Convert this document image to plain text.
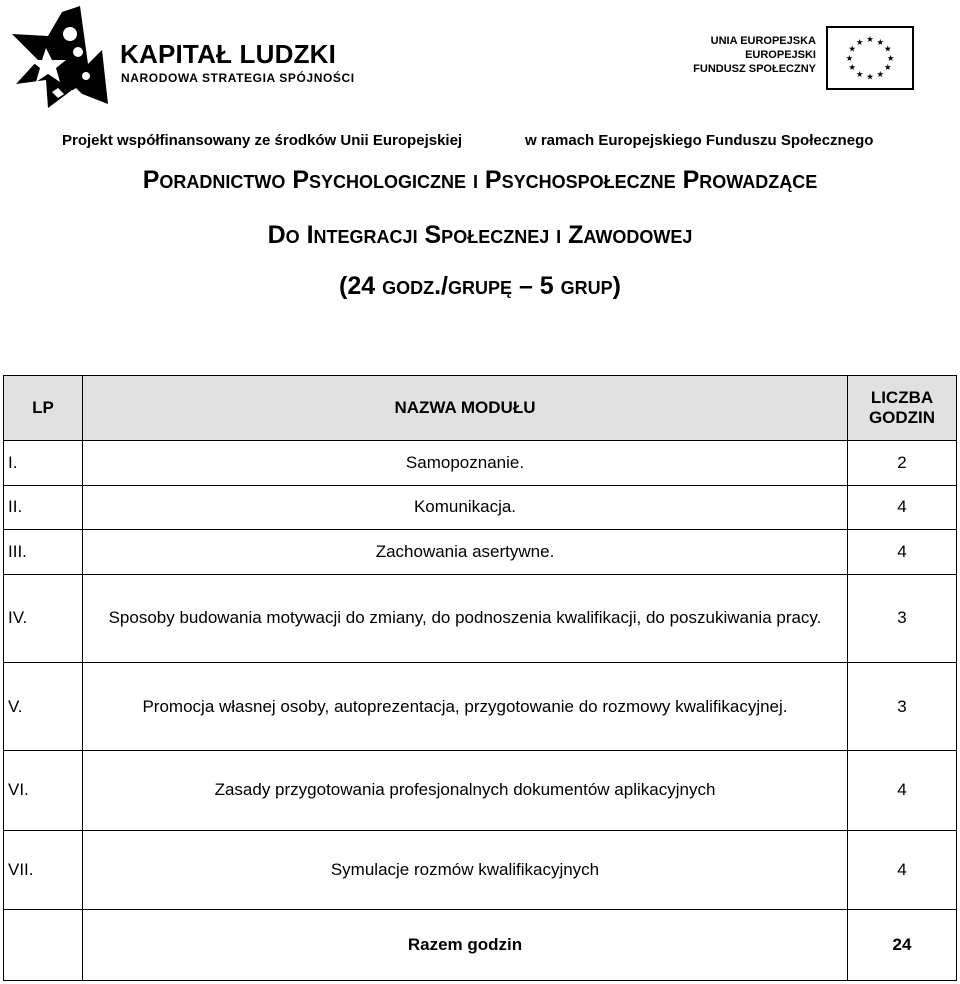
KAPITAŁ LUDZKI
NARODOWA STRATEGIA SPÓJNOŚCI
UNIA EUROPEJSKA
EUROPEJSKI
FUNDUSZ SPOŁECZNY
★ ★
★
★
★
★
★
★
★
★
★
★
Projekt współfinansowany ze środków Unii Europejskiej	w ramach Europejskiego Funduszu Społecznego
Poradnictwo Psychologiczne i Psychospołeczne Prowadzące
Do Integracji Społecznej i Zawodowej
(24 godz./grupę – 5 grup)
LP	NAZWA MODUŁU	LICZBA GODZIN
I.	Samopoznanie.	2
II.	Komunikacja.	4
III.	Zachowania asertywne.	4
IV.	Sposoby budowania motywacji do zmiany, do podnoszenia kwalifikacji, do poszukiwania pracy.	3
V.	Promocja własnej osoby, autoprezentacja, przygotowanie do rozmowy kwalifikacyjnej.	3
VI.	Zasady przygotowania profesjonalnych dokumentów aplikacyjnych	4
VII.	Symulacje rozmów kwalifikacyjnych	4
	Razem godzin	24
